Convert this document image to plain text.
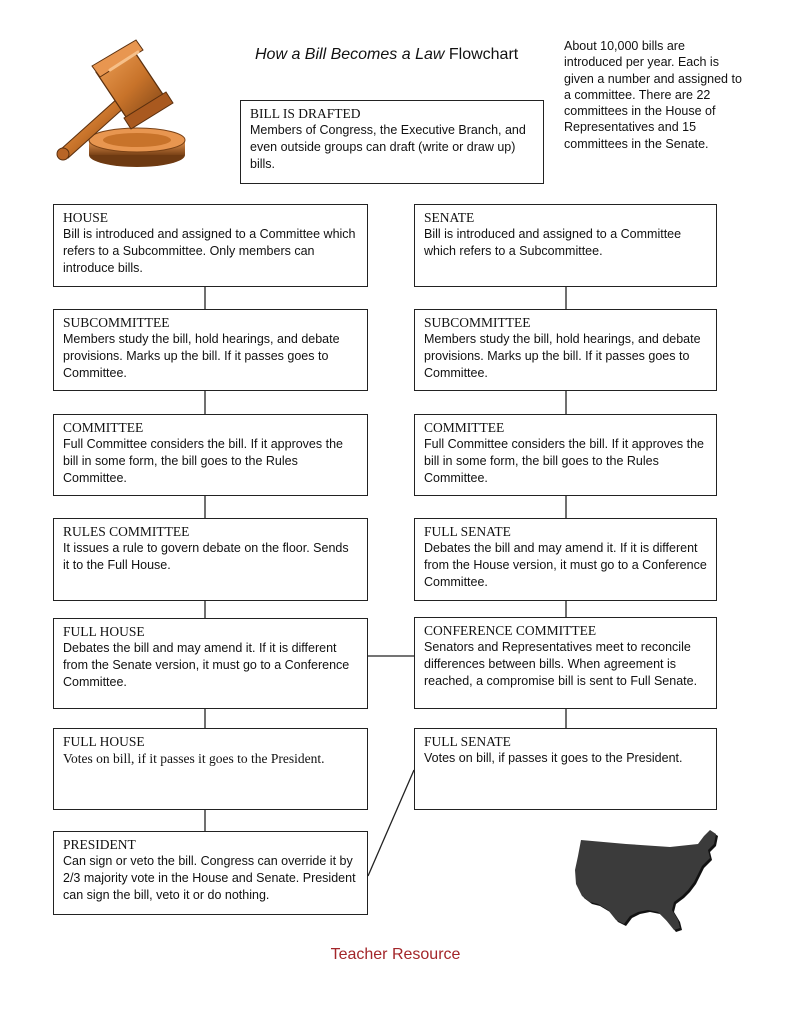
How a Bill Becomes a Law Flowchart	About 10,000 bills are introduced per year. Each is given a number and assigned to a committee. There are 22 committees in the House of Representatives and 15 committees in the Senate.
BILL IS DRAFTED
Members of Congress, the Executive Branch, and even outside groups can draft (write or draw up) bills.
HOUSE
Bill is introduced and assigned to a Committee which refers to a Subcommittee. Only members can introduce bills.
SUBCOMMITTEE
Members study the bill, hold hearings, and debate provisions. Marks up the bill. If it passes goes to Committee.
COMMITTEE
Full Committee considers the bill. If it approves the bill in some form, the bill goes to the Rules Committee.
RULES COMMITTEE
It issues a rule to govern debate on the floor. Sends it to the Full House.
FULL HOUSE
Debates the bill and may amend it. If it is different from the Senate version, it must go to a Conference Committee.
FULL HOUSE
Votes on bill, if it passes it goes to the President.
PRESIDENT
Can sign or veto the bill. Congress can override it by 2/3 majority vote in the House and Senate. President can sign the bill, veto it or do nothing.
SENATE
Bill is introduced and assigned to a Committee which refers to a Subcommittee.
SUBCOMMITTEE
Members study the bill, hold hearings, and debate provisions. Marks up the bill. If it passes goes to Committee.
COMMITTEE
Full Committee considers the bill. If it approves the bill in some form, the bill goes to the Rules Committee.
FULL SENATE
Debates the bill and may amend it. If it is different from the House version, it must go to a Conference Committee.
CONFERENCE COMMITTEE
Senators and Representatives meet to reconcile differences between bills. When agreement is reached, a compromise bill is sent to Full Senate.
FULL SENATE
Votes on bill, if passes it goes to the President.
Teacher Resource
